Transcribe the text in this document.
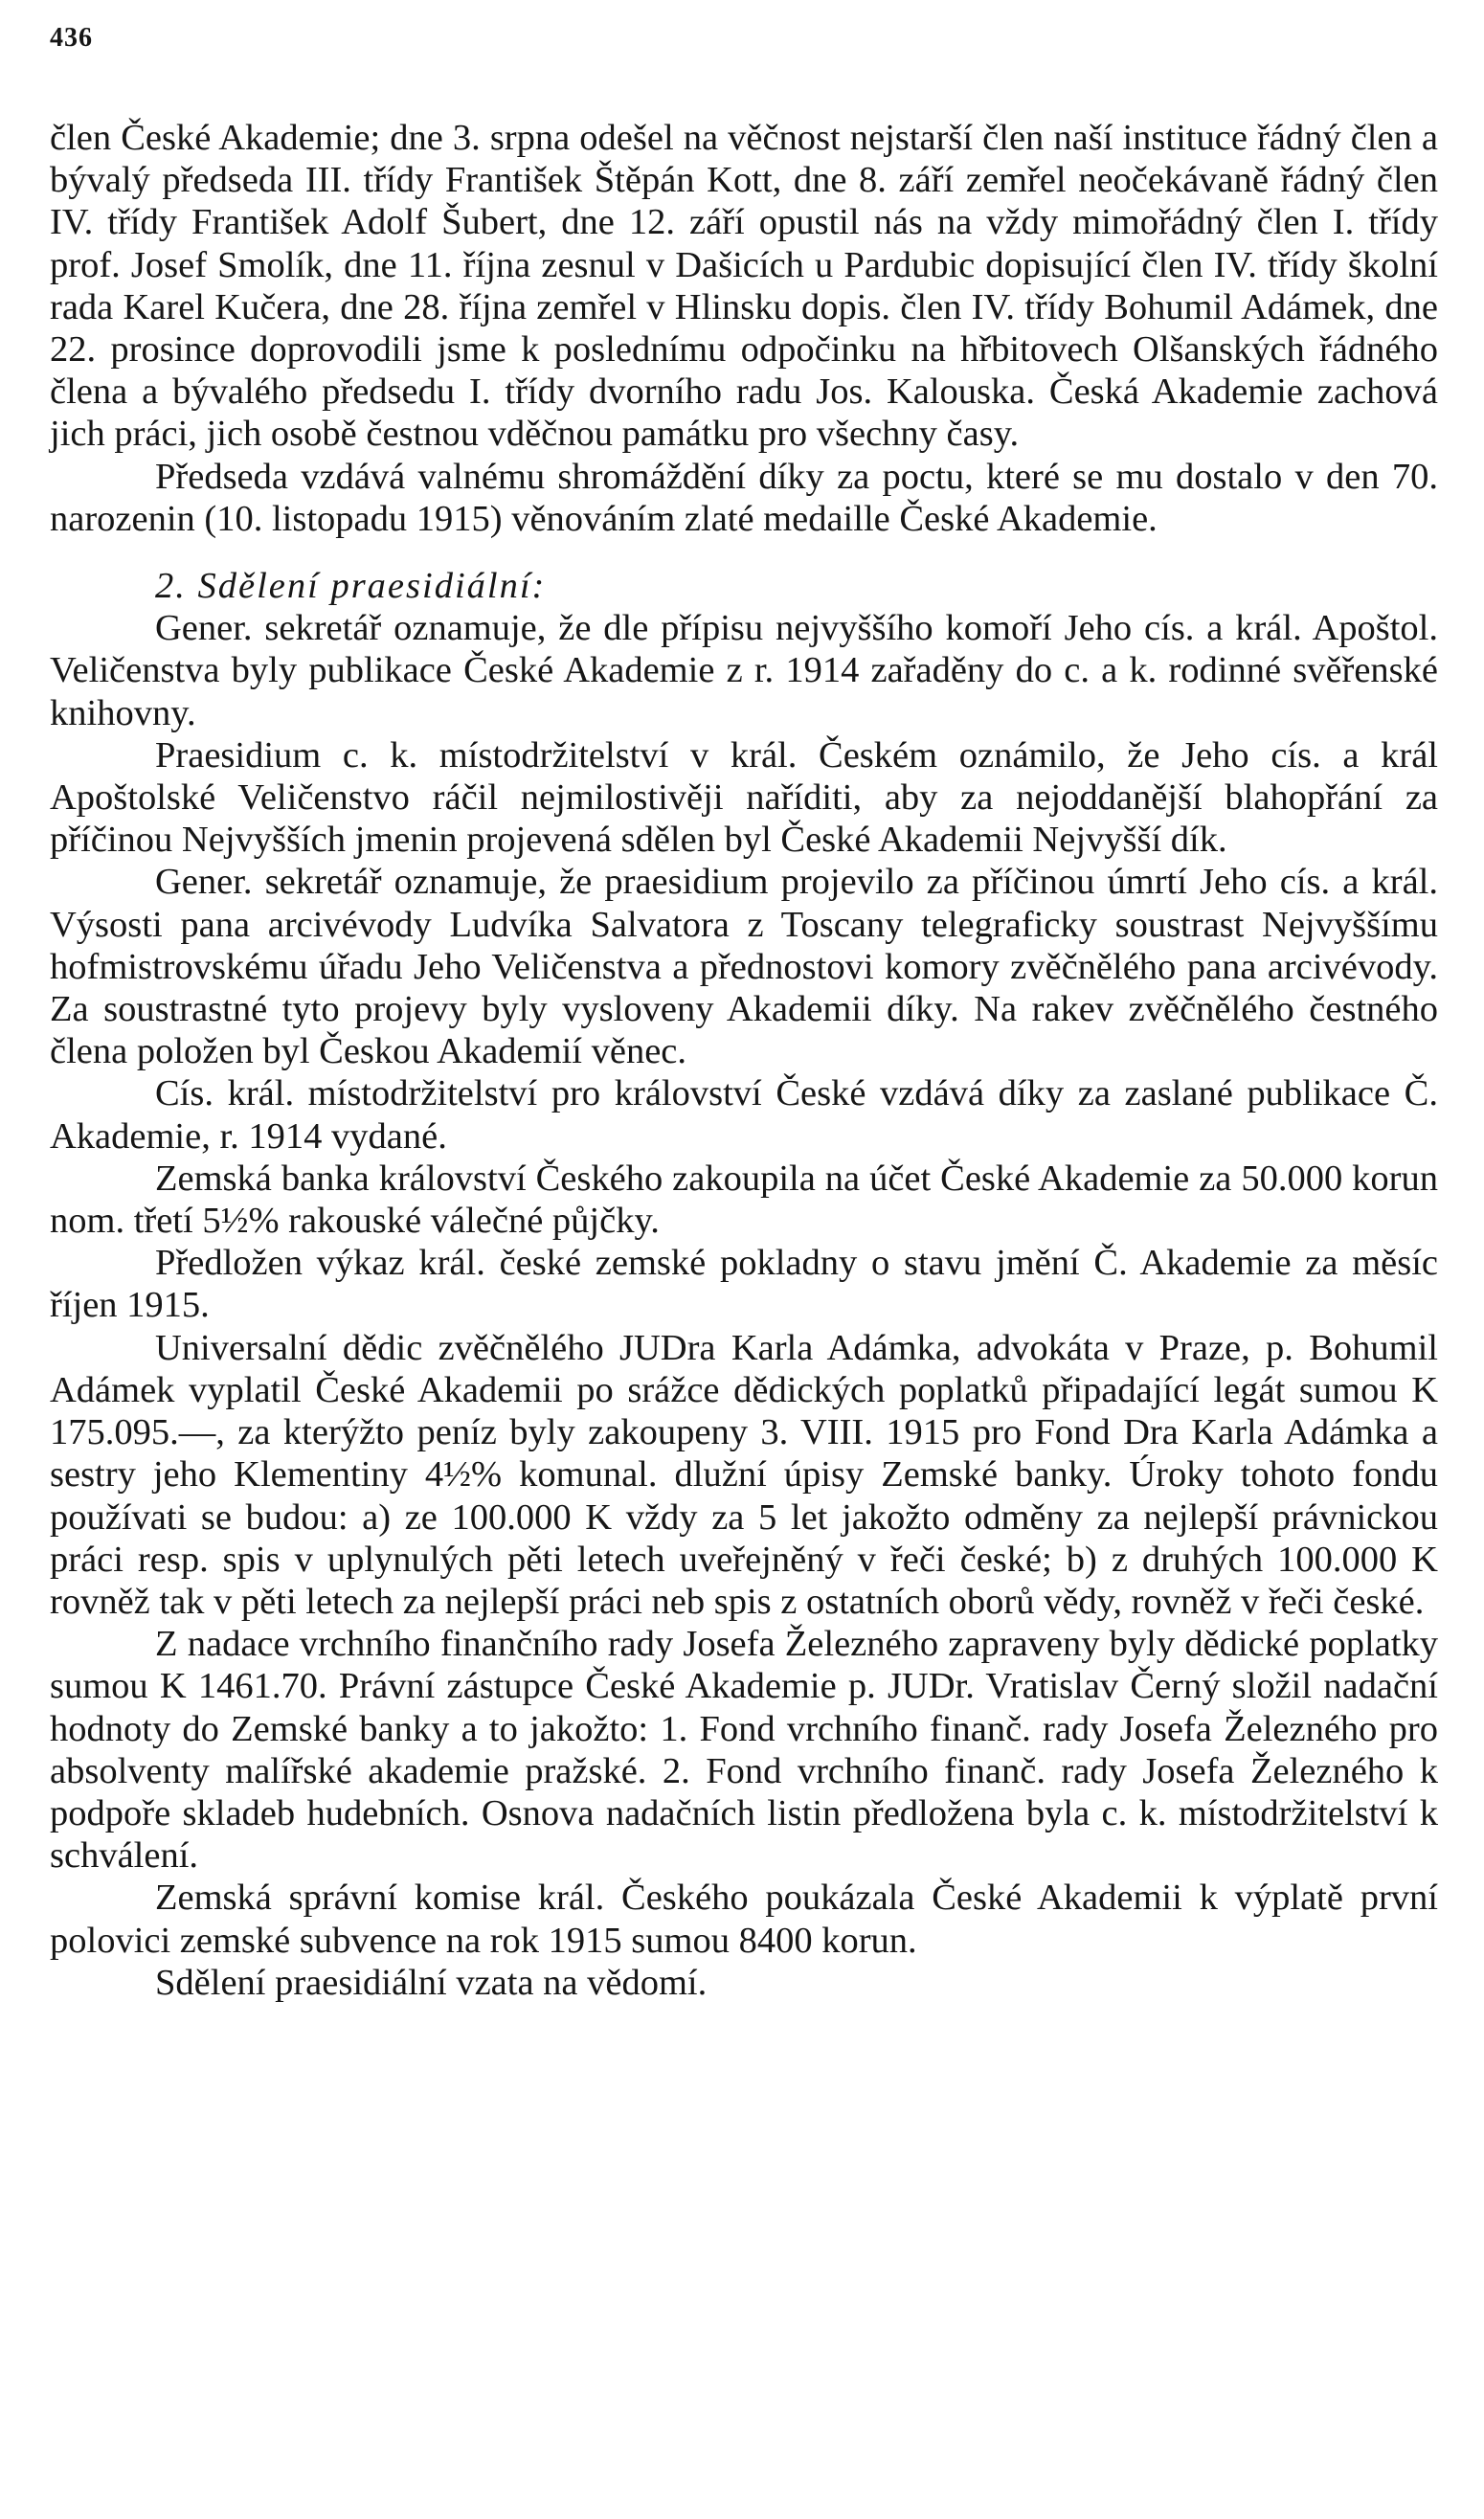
436

člen České Akademie; dne 3. srpna odešel na věčnost nejstarší člen naší instituce řádný člen a bývalý předseda III. třídy František Štěpán Kott, dne 8. září zemřel neočekávaně řádný člen IV. třídy František Adolf Šubert, dne 12. září opustil nás na vždy mimořádný člen I. třídy prof. Josef Smolík, dne 11. října zesnul v Dašicích u Pardubic dopisující člen IV. třídy školní rada Karel Kučera, dne 28. října zemřel v Hlinsku dopis. člen IV. třídy Bohumil Adámek, dne 22. prosince doprovodili jsme k poslednímu odpočinku na hřbitovech Olšanských řádného člena a bývalého předsedu I. třídy dvorního radu Jos. Kalouska. Česká Akademie zachová jich práci, jich osobě čestnou vděčnou památku pro všechny časy.

Předseda vzdává valnému shromáždění díky za poctu, které se mu dostalo v den 70. narozenin (10. listopadu 1915) věnováním zlaté medaille České Akademie.

2. Sdělení praesidiální:

Gener. sekretář oznamuje, že dle přípisu nejvyššího komoří Jeho cís. a král. Apoštol. Veličenstva byly publikace České Akademie z r. 1914 zařaděny do c. a k. rodinné svěřenské knihovny.

Praesidium c. k. místodržitelství v král. Českém oznámilo, že Jeho cís. a král Apoštolské Veličenstvo ráčil nejmilostivěji naříditi, aby za nejoddanější blahopřání za příčinou Nejvyšších jmenin projevená sdělen byl České Akademii Nejvyšší dík.

Gener. sekretář oznamuje, že praesidium projevilo za příčinou úmrtí Jeho cís. a král. Výsosti pana arcivévody Ludvíka Salvatora z Toscany telegraficky soustrast Nejvyššímu hofmistrovskému úřadu Jeho Veličenstva a přednostovi komory zvěčnělého pana arcivévody. Za soustrastné tyto projevy byly vysloveny Akademii díky. Na rakev zvěčnělého čestného člena položen byl Českou Akademií věnec.

Cís. král. místodržitelství pro království České vzdává díky za zaslané publikace Č. Akademie, r. 1914 vydané.

Zemská banka království Českého zakoupila na účet České Akademie za 50.000 korun nom. třetí 5½% rakouské válečné půjčky.

Předložen výkaz král. české zemské pokladny o stavu jmění Č. Akademie za měsíc říjen 1915.

Universalní dědic zvěčnělého JUDra Karla Adámka, advokáta v Praze, p. Bohumil Adámek vyplatil České Akademii po srážce dědických poplatků připadající legát sumou K 175.095.—, za kterýžto peníz byly zakoupeny 3. VIII. 1915 pro Fond Dra Karla Adámka a sestry jeho Klementiny 4½% komunal. dlužní úpisy Zemské banky. Úroky tohoto fondu používati se budou: a) ze 100.000 K vždy za 5 let jakožto odměny za nejlepší právnickou práci resp. spis v uplynulých pěti letech uveřejněný v řeči české; b) z druhých 100.000 K rovněž tak v pěti letech za nejlepší práci neb spis z ostatních oborů vědy, rovněž v řeči české.

Z nadace vrchního finančního rady Josefa Železného zapraveny byly dědické poplatky sumou K 1461.70. Právní zástupce České Akademie p. JUDr. Vratislav Černý složil nadační hodnoty do Zemské banky a to jakožto: 1. Fond vrchního finanč. rady Josefa Železného pro absolventy malířské akademie pražské. 2. Fond vrchního finanč. rady Josefa Železného k podpoře skladeb hudebních. Osnova nadačních listin předložena byla c. k. místodržitelství k schválení.

Zemská správní komise král. Českého poukázala České Akademii k výplatě první polovici zemské subvence na rok 1915 sumou 8400 korun.

Sdělení praesidiální vzata na vědomí.
